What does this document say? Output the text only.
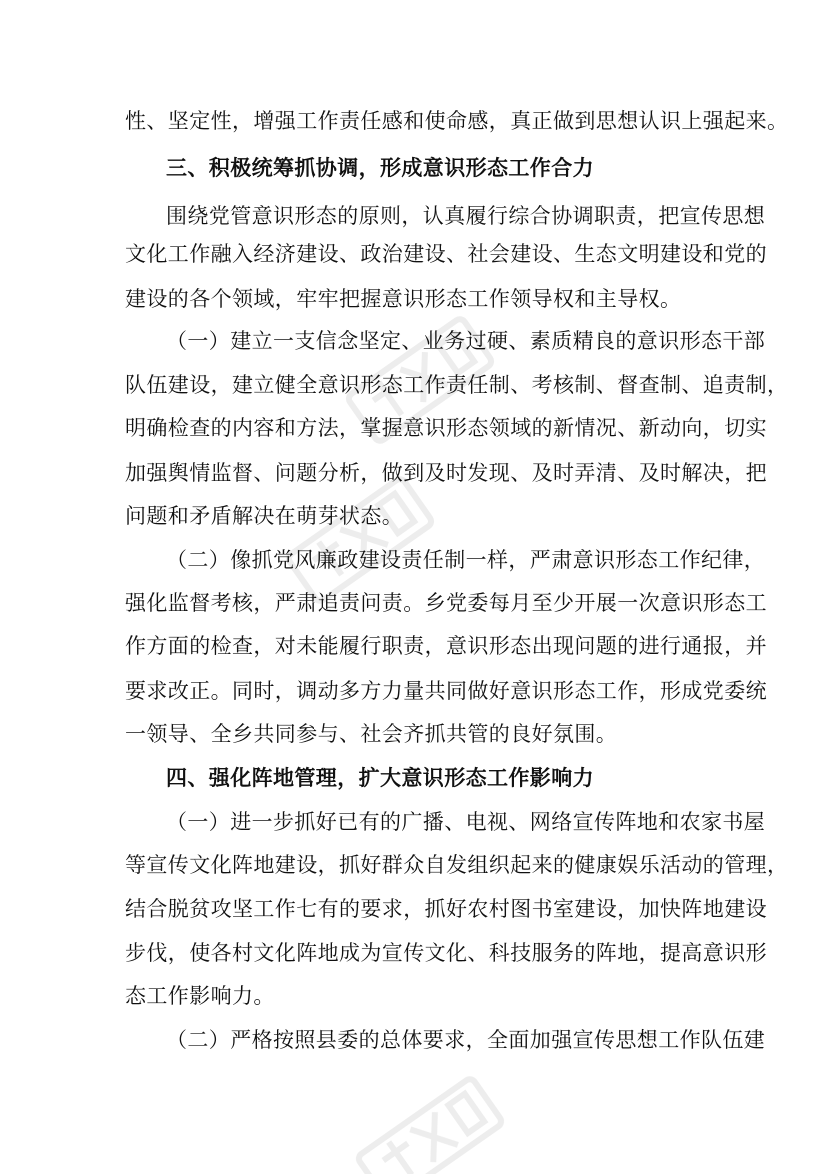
性、坚定性，增强工作责任感和使命感，真正做到思想认识上强起来。
三、积极统筹抓协调，形成意识形态工作合力
围绕党管意识形态的原则，认真履行综合协调职责，把宣传思想
文化工作融入经济建设、政治建设、社会建设、生态文明建设和党的
建设的各个领域，牢牢把握意识形态工作领导权和主导权。
（一）建立一支信念坚定、业务过硬、素质精良的意识形态干部
队伍建设，建立健全意识形态工作责任制、考核制、督查制、追责制，
明确检查的内容和方法，掌握意识形态领域的新情况、新动向，切实
加强舆情监督、问题分析，做到及时发现、及时弄清、及时解决，把
问题和矛盾解决在萌芽状态。
（二）像抓党风廉政建设责任制一样，严肃意识形态工作纪律，
强化监督考核，严肃追责问责。乡党委每月至少开展一次意识形态工
作方面的检查，对未能履行职责，意识形态出现问题的进行通报，并
要求改正。同时，调动多方力量共同做好意识形态工作，形成党委统
一领导、全乡共同参与、社会齐抓共管的良好氛围。
四、强化阵地管理，扩大意识形态工作影响力
（一）进一步抓好已有的广播、电视、网络宣传阵地和农家书屋
等宣传文化阵地建设，抓好群众自发组织起来的健康娱乐活动的管理，
结合脱贫攻坚工作七有的要求，抓好农村图书室建设，加快阵地建设
步伐，使各村文化阵地成为宣传文化、科技服务的阵地，提高意识形
态工作影响力。
（二）严格按照县委的总体要求，全面加强宣传思想工作队伍建
